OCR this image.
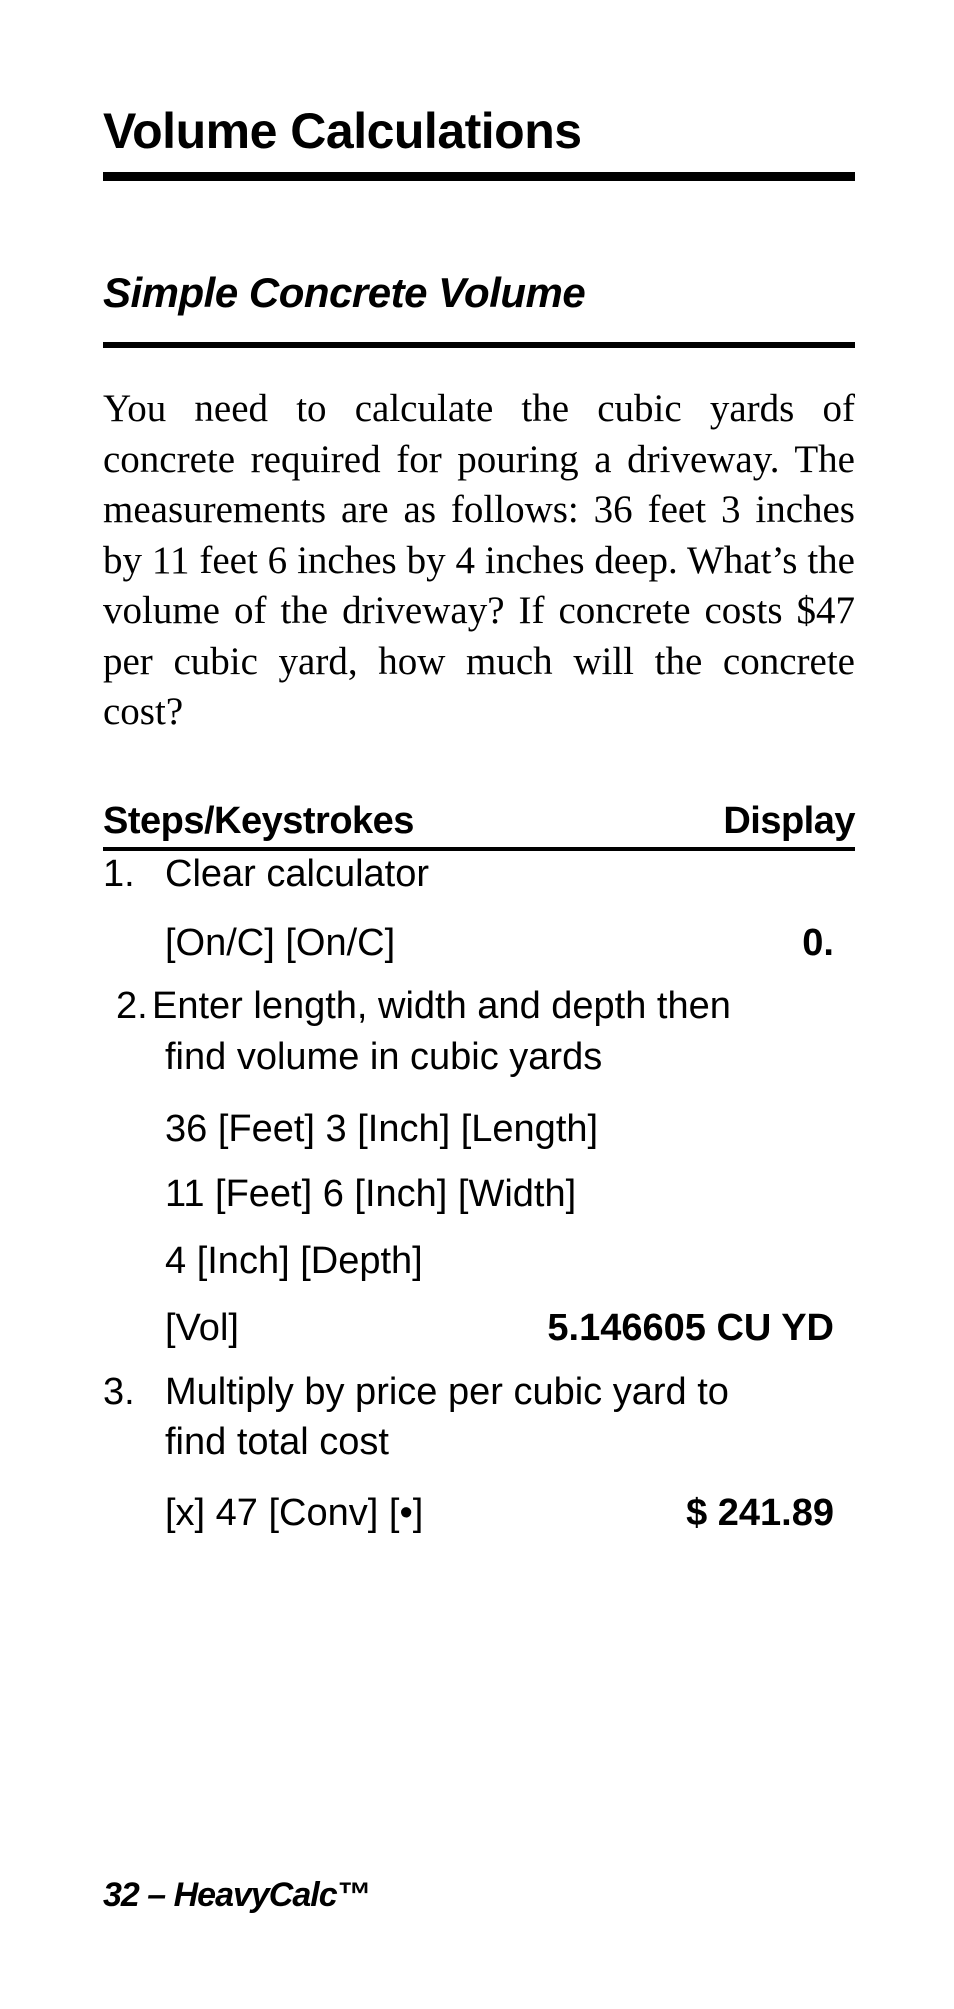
Volume Calculations
Simple Concrete Volume

You need to calculate the cubic yards of concrete required for pouring a driveway. The measurements are as follows: 36 feet 3 inches by 11 feet 6 inches by 4 inches deep. What’s the volume of the driveway? If concrete costs $47 per cubic yard, how much will the concrete cost?

Steps/Keystrokes	Display
1. Clear calculator
[On/C] [On/C]	0.
2. Enter length, width and depth then
find volume in cubic yards
36 [Feet] 3 [Inch] [Length]
11 [Feet] 6 [Inch] [Width]
4 [Inch] [Depth]
[Vol]	5.146605 CU YD
3. Multiply by price per cubic yard to
find total cost
[x] 47 [Conv] [•]	$ 241.89
32 – HeavyCalc™
